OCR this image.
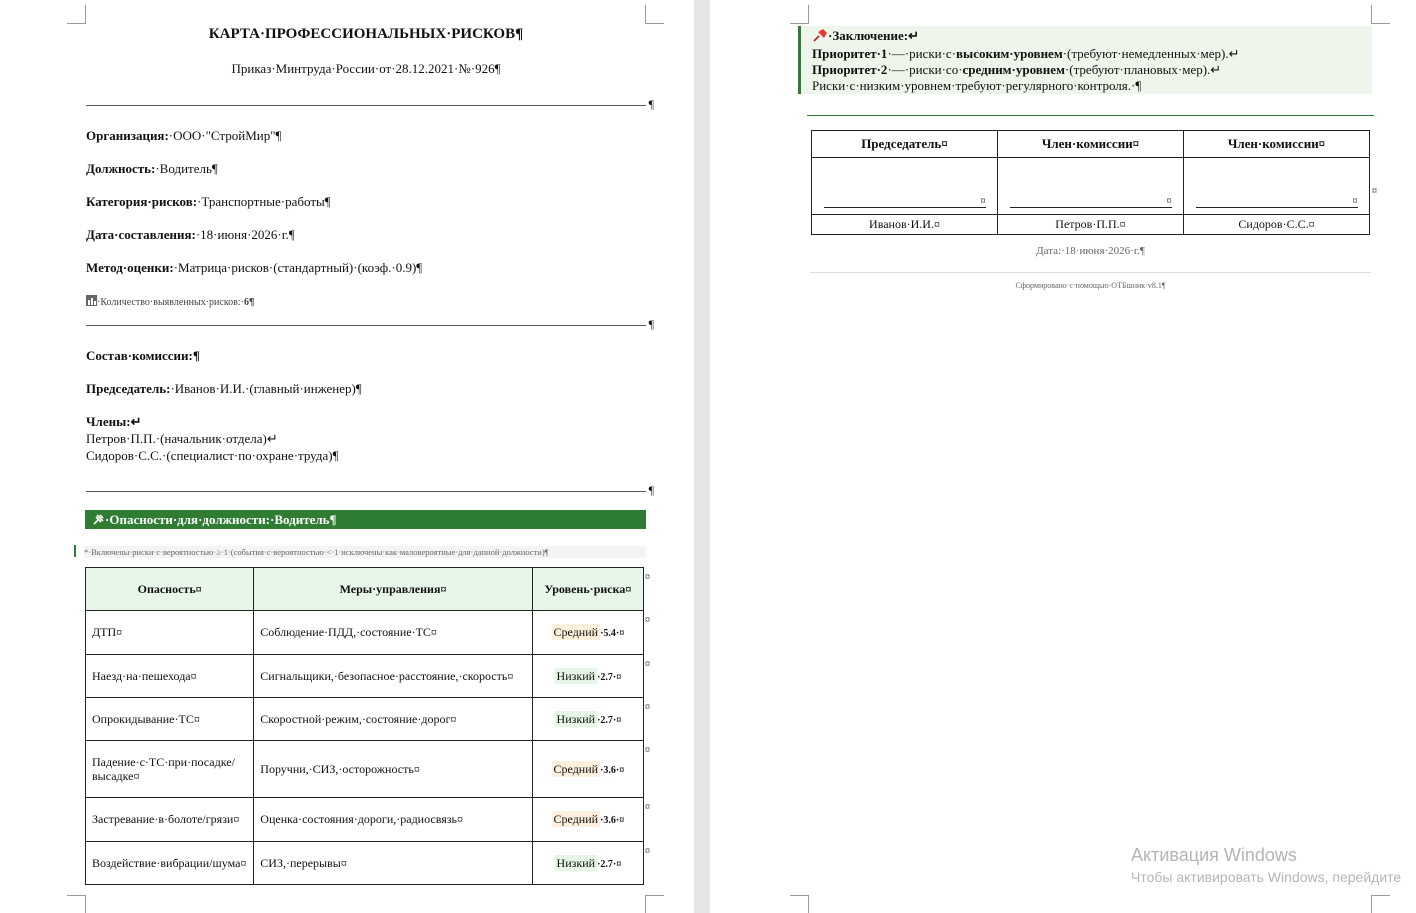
КАРТА·ПРОФЕССИОНАЛЬНЫХ·РИСКОВ¶
Приказ·Минтруда·России·от·28.12.2021·№·926¶
¶
Организация:·ООО·"СтройМир"¶
Должность:·Водитель¶
Категория·рисков:·Транспортные·работы¶
Дата·составления:·18·июня·2026·г.¶
Метод·оценки:·Матрица·рисков·(стандартный)·(коэф.·0.9)¶
·Количество·выявленных·рисков:·6¶
¶
Состав·комиссии:¶
Председатель:·Иванов·И.И.·(главный·инженер)¶
Члены:↵
Петров·П.П.·(начальник·отдела)↵
Сидоров·С.С.·(специалист·по·охране·труда)¶
¶
·Опасности·для·должности:·Водитель¶
*·Включены·риски·с·вероятностью·≥·1·(события·с·вероятностью·<·1·исключены·как·маловероятные·для·данной·должности)¶
Опасность¤	Меры·управления¤	Уровень·риска¤
ДТП¤	Соблюдение·ПДД,·состояние·ТС¤	Средний ·5.4·¤
Наезд·на·пешехода¤	Сигнальщики,·безопасное·расстояние,·скорость¤	Низкий ·2.7·¤
Опрокидывание·ТС¤	Скоростной·режим,·состояние·дорог¤	Низкий ·2.7·¤
Падение·с·ТС·при·посадке/высадке¤	Поручни,·СИЗ,·осторожность¤	Средний ·3.6·¤
Застревание·в·болоте/грязи¤	Оценка·состояния·дороги,·радиосвязь¤	Средний ·3.6·¤
Воздействие·вибрации/шума¤	СИЗ,·перерывы¤	Низкий ·2.7·¤
¤
¤
¤
¤
¤
¤
¤
·Заключение:↵
Приоритет·1·—·риски·с·высоким·уровнем·(требуют·немедленных·мер).↵
Приоритет·2·—·риски·со·средним·уровнем·(требуют·плановых·мер).↵
Риски·с·низким·уровнем·требуют·регулярного·контроля.·¶
Председатель¤	Член·комиссии¤	Член·комиссии¤
¤	¤	¤
Иванов·И.И.¤	Петров·П.П.¤	Сидоров·С.С.¤
¤
Дата:·18·июня·2026·г.¶
Сформировано·с·помощью·ОТБшник·v8.1¶
Активация Windows
Чтобы активировать Windows, перейдите
